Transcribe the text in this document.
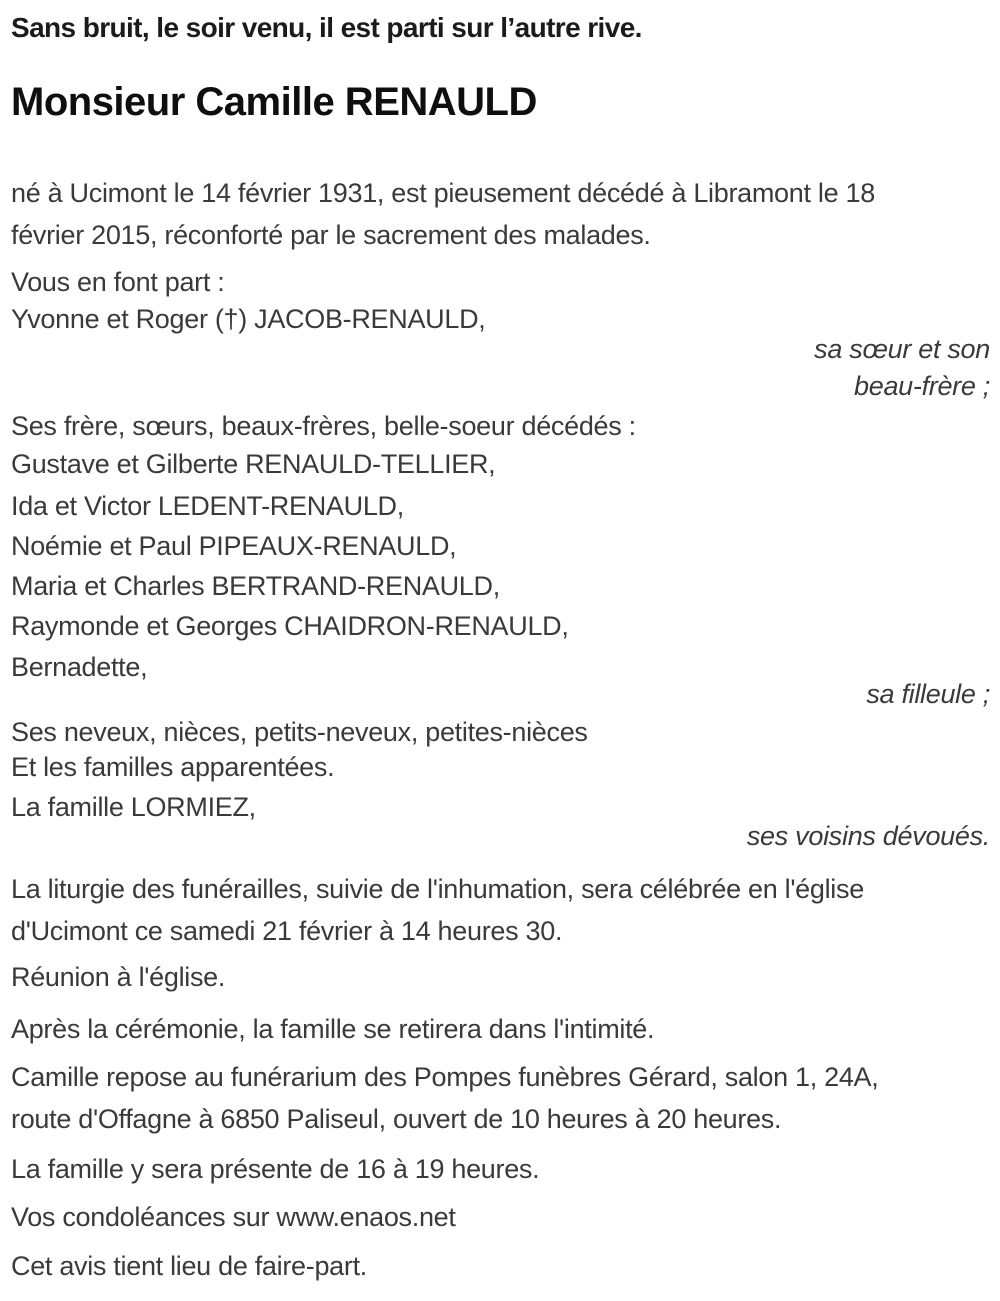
Sans bruit, le soir venu, il est parti sur l’autre rive.
Monsieur Camille RENAULD
né à Ucimont le 14 février 1931, est pieusement décédé à Libramont le 18
février 2015, réconforté par le sacrement des malades.
Vous en font part :
Yvonne et Roger (†) JACOB-RENAULD,
sa sœur et son
beau-frère ;
Ses frère, sœurs, beaux-frères, belle-soeur décédés :
Gustave et Gilberte RENAULD-TELLIER,
Ida et Victor LEDENT-RENAULD,
Noémie et Paul PIPEAUX-RENAULD,
Maria et Charles BERTRAND-RENAULD,
Raymonde et Georges CHAIDRON-RENAULD,
Bernadette,
sa filleule ;
Ses neveux, nièces, petits-neveux, petites-nièces
Et les familles apparentées.
La famille LORMIEZ,
ses voisins dévoués.
La liturgie des funérailles, suivie de l'inhumation, sera célébrée en l'église
d'Ucimont ce samedi 21 février à 14 heures 30.
Réunion à l'église.
Après la cérémonie, la famille se retirera dans l'intimité.
Camille repose au funérarium des Pompes funèbres Gérard, salon 1, 24A,
route d'Offagne à 6850 Paliseul, ouvert de 10 heures à 20 heures.
La famille y sera présente de 16 à 19 heures.
Vos condoléances sur www.enaos.net
Cet avis tient lieu de faire-part.
